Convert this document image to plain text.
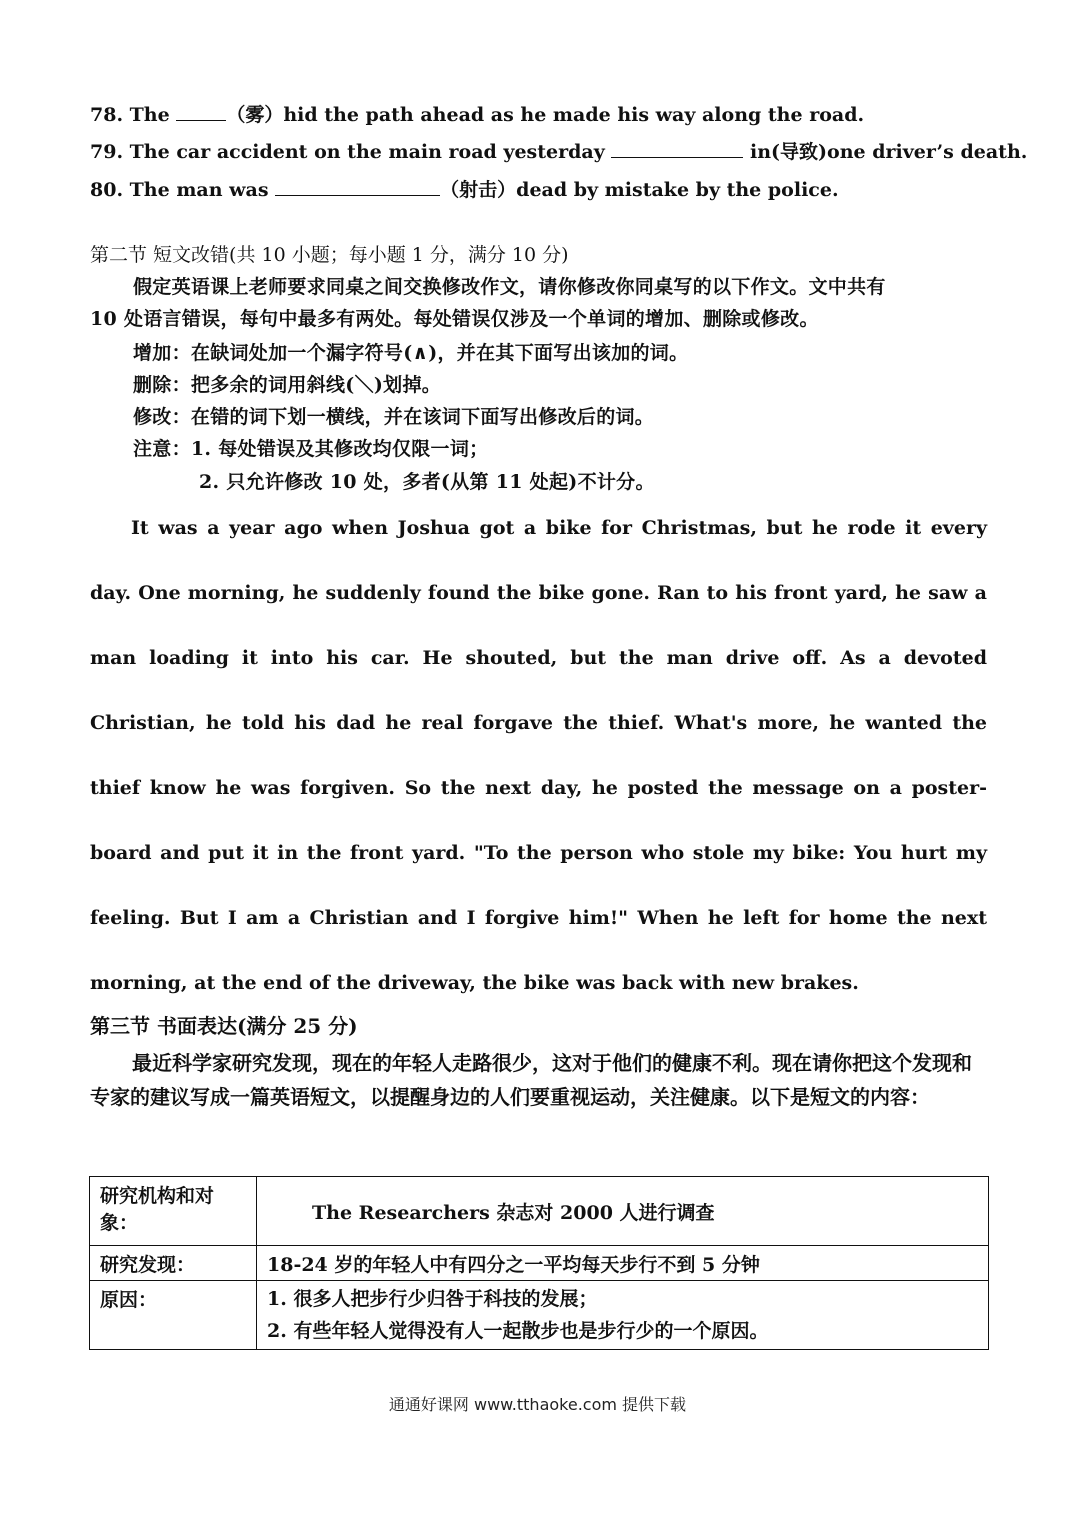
78. The	（雾）hid the path ahead as he made his way along the road.
79. The car accident on the main road yesterday	in(导致)one driver’s death.
80. The man was	（射击）dead by mistake by the police.
第二节 短文改错(共 10 小题；每小题 1 分，满分 10 分)
假定英语课上老师要求同桌之间交换修改作文，请你修改你同桌写的以下作文。文中共有
10 处语言错误，每句中最多有两处。每处错误仅涉及一个单词的增加、删除或修改。
增加：在缺词处加一个漏字符号(∧)，并在其下面写出该加的词。
删除：把多余的词用斜线(＼)划掉。
修改：在错的词下划一横线，并在该词下面写出修改后的词。
注意：1. 每处错误及其修改均仅限一词；
2. 只允许修改 10 处，多者(从第 11 处起)不计分。

It was a year ago when Joshua got a bike for Christmas, but he rode it every day. One morning, he suddenly found the bike gone. Ran to his front yard, he saw a man loading it into his car. He shouted, but the man drive off. As a devoted Christian, he told his dad he real forgave the thief. What's more, he wanted the thief know he was forgiven. So the next day, he posted the message on a poster-board and put it in the front yard. "To the person who stole my bike: You hurt my feeling. But I am a Christian and I forgive him!" When he left for home the next morning, at the end of the driveway, the bike was back with new brakes.

第三节 书面表达(满分 25 分)

最近科学家研究发现，现在的年轻人走路很少，这对于他们的健康不利。现在请你把这个发现和专家的建议写成一篇英语短文，以提醒身边的人们要重视运动，关注健康。以下是短文的内容：

研究机构和对象：	The Researchers 杂志对 2000 人进行调查
研究发现：	18-24 岁的年轻人中有四分之一平均每天步行不到 5 分钟
原因：	1. 很多人把步行少归咎于科技的发展；
2. 有些年轻人觉得没有人一起散步也是步行少的一个原因。
通通好课网 www.tthaoke.com 提供下载
